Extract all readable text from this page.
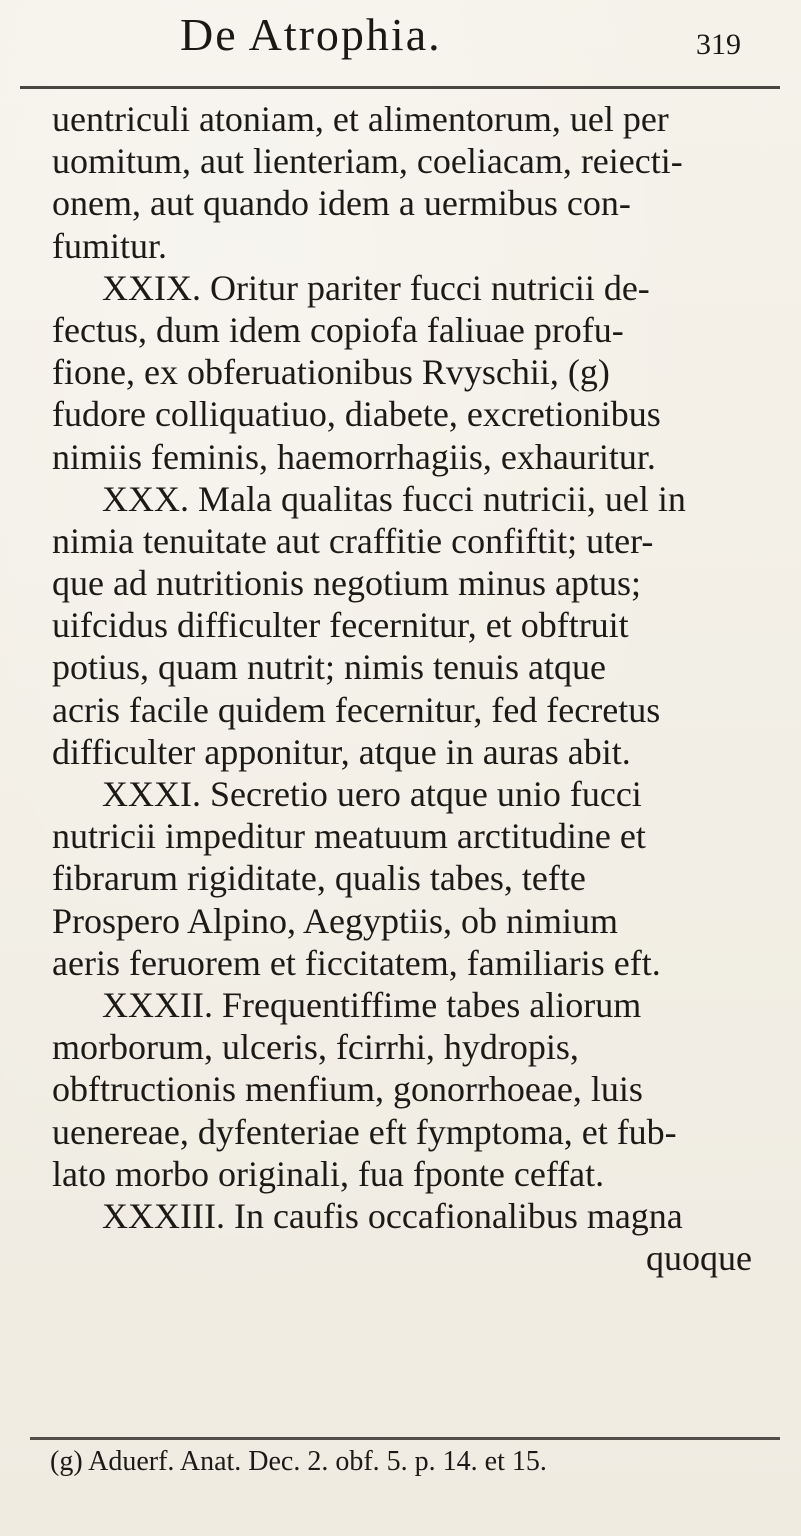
De Atrophia.	319
uentriculi atoniam, et alimentorum, uel per
uomitum, aut lienteriam, coeliacam, reiecti-
onem, aut quando idem a uermibus con-
fumitur.
XXIX. Oritur pariter fucci nutricii de-
fectus, dum idem copiofa faliuae profu-
fione, ex obferuationibus Rvyschii, (g)
fudore colliquatiuo, diabete, excretionibus
nimiis feminis, haemorrhagiis, exhauritur.
XXX. Mala qualitas fucci nutricii, uel in
nimia tenuitate aut craffitie confiftit; uter-
que ad nutritionis negotium minus aptus;
uifcidus difficulter fecernitur, et obftruit
potius, quam nutrit; nimis tenuis atque
acris facile quidem fecernitur, fed fecretus
difficulter apponitur, atque in auras abit.
XXXI. Secretio uero atque unio fucci
nutricii impeditur meatuum arctitudine et
fibrarum rigiditate, qualis tabes, tefte
Prospero Alpino, Aegyptiis, ob nimium
aeris feruorem et ficcitatem, familiaris eft.
XXXII. Frequentiffime tabes aliorum
morborum, ulceris, fcirrhi, hydropis,
obftructionis menfium, gonorrhoeae, luis
uenereae, dyfenteriae eft fymptoma, et fub-
lato morbo originali, fua fponte ceffat.
XXXIII. In caufis occafionalibus magna
quoque
(g) Aduerf. Anat. Dec. 2. obf. 5. p. 14. et 15.
